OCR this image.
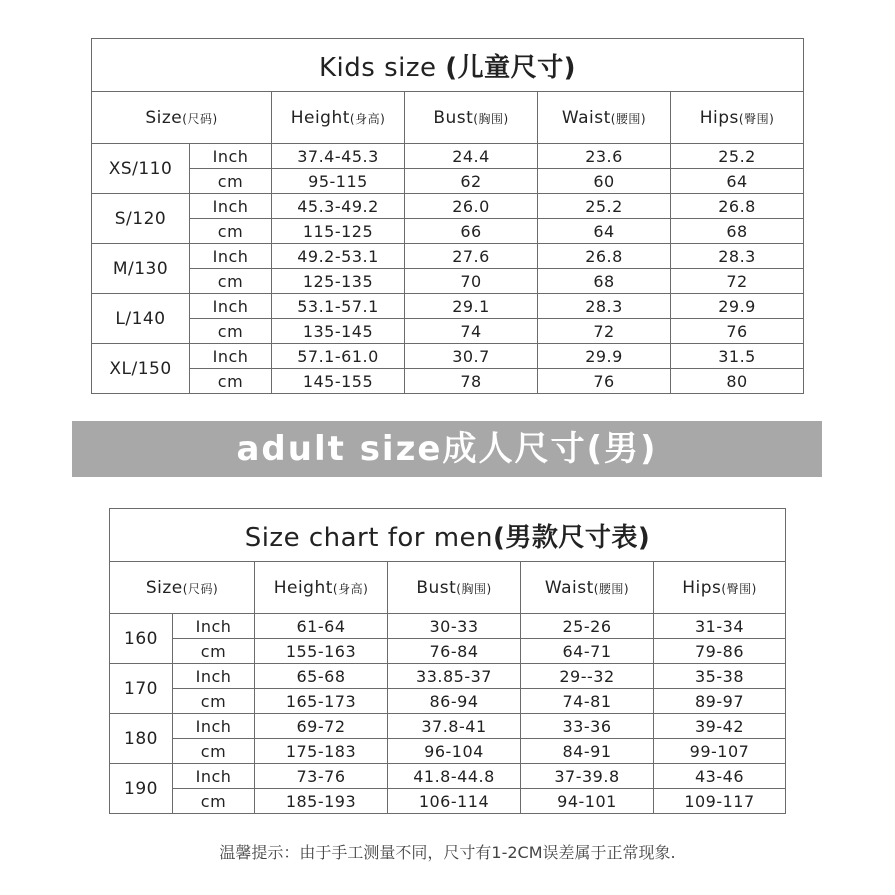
Kids size (儿童尺寸)					
Size(尺码)		Height(身高)	Bust(胸围)	Waist(腰围)	Hips(臀围)
XS/110	Inch	37.4-45.3	24.4	23.6	25.2
	cm	95-115	62	60	64
S/120	Inch	45.3-49.2	26.0	25.2	26.8
	cm	115-125	66	64	68
M/130	Inch	49.2-53.1	27.6	26.8	28.3
	cm	125-135	70	68	72
L/140	Inch	53.1-57.1	29.1	28.3	29.9
	cm	135-145	74	72	76
XL/150	Inch	57.1-61.0	30.7	29.9	31.5
	cm	145-155	78	76	80
adult size成人尺寸(男)
Size chart for men(男款尺寸表)					
Size(尺码)		Height(身高)	Bust(胸围)	Waist(腰围)	Hips(臀围)
160	Inch	61-64	30-33	25-26	31-34
	cm	155-163	76-84	64-71	79-86
170	Inch	65-68	33.85-37	29--32	35-38
	cm	165-173	86-94	74-81	89-97
180	Inch	69-72	37.8-41	33-36	39-42
	cm	175-183	96-104	84-91	99-107
190	Inch	73-76	41.8-44.8	37-39.8	43-46
	cm	185-193	106-114	94-101	109-117
温馨提示：由于手工测量不同，尺寸有1-2CM误差属于正常现象.
